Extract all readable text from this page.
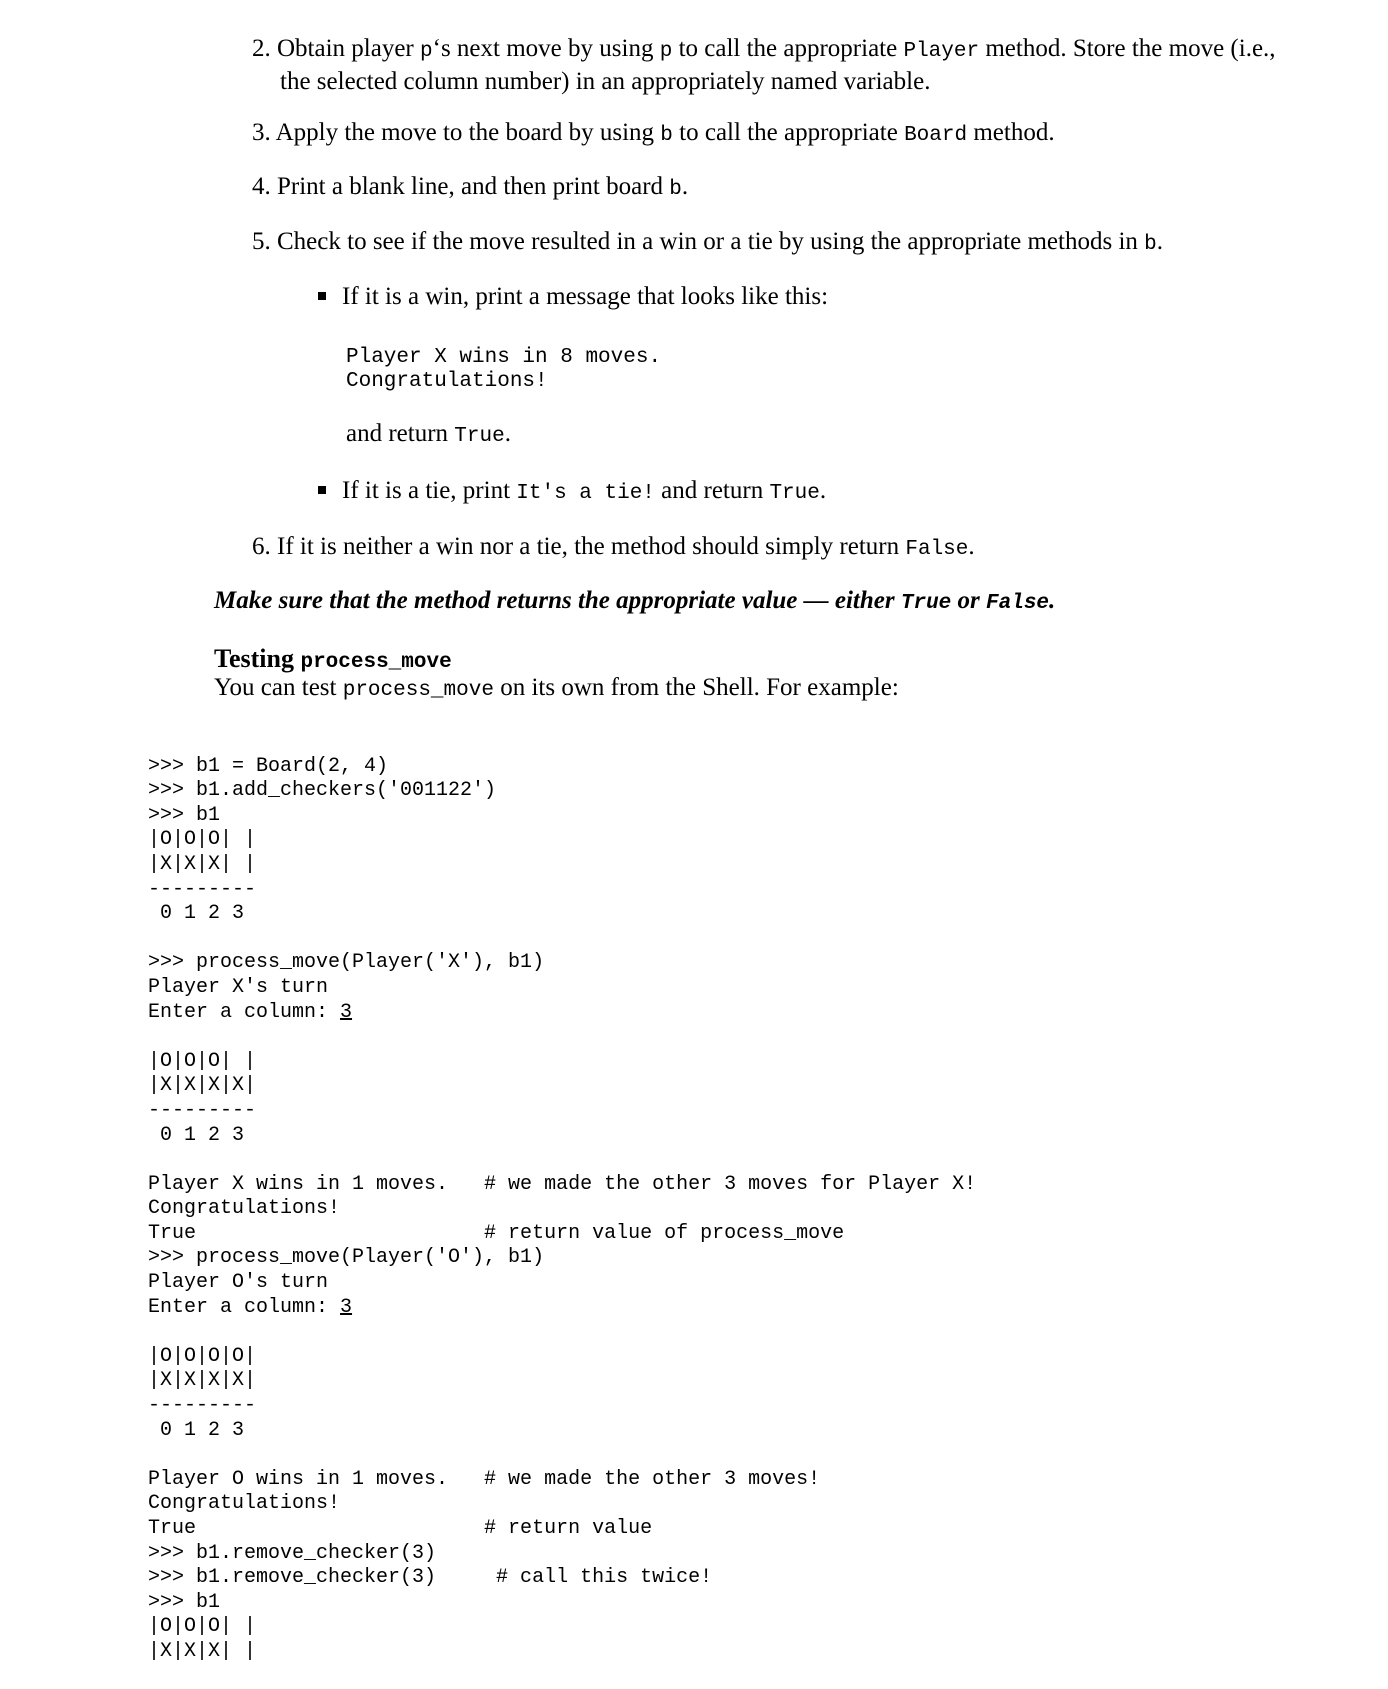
2. Obtain player p‘s next move by using p to call the appropriate Player method. Store the move (i.e.,
the selected column number) in an appropriately named variable.
3. Apply the move to the board by using b to call the appropriate Board method.
4. Print a blank line, and then print board b.
5. Check to see if the move resulted in a win or a tie by using the appropriate methods in b.
If it is a win, print a message that looks like this:
Player X wins in 8 moves.
Congratulations!
and return True.
If it is a tie, print It's a tie! and return True.
6. If it is neither a win nor a tie, the method should simply return False.
Make sure that the method returns the appropriate value — either True or False.
Testing process_move
You can test process_move on its own from the Shell. For example:

>>> b1 = Board(2, 4)
>>> b1.add_checkers('001122')
>>> b1
|O|O|O| |
|X|X|X| |
---------
0 1 2 3
>>> process_move(Player('X'), b1)
Player X's turn
Enter a column: 3
|O|O|O| |
|X|X|X|X|
---------
0 1 2 3
Player X wins in 1 moves.   # we made the other 3 moves for Player X!
Congratulations!
True                        # return value of process_move
>>> process_move(Player('O'), b1)
Player O's turn
Enter a column: 3
|O|O|O|O|
|X|X|X|X|
---------
0 1 2 3
Player O wins in 1 moves.   # we made the other 3 moves!
Congratulations!
True                        # return value
>>> b1.remove_checker(3)
>>> b1.remove_checker(3)     # call this twice!
>>> b1
|O|O|O| |
|X|X|X| |
